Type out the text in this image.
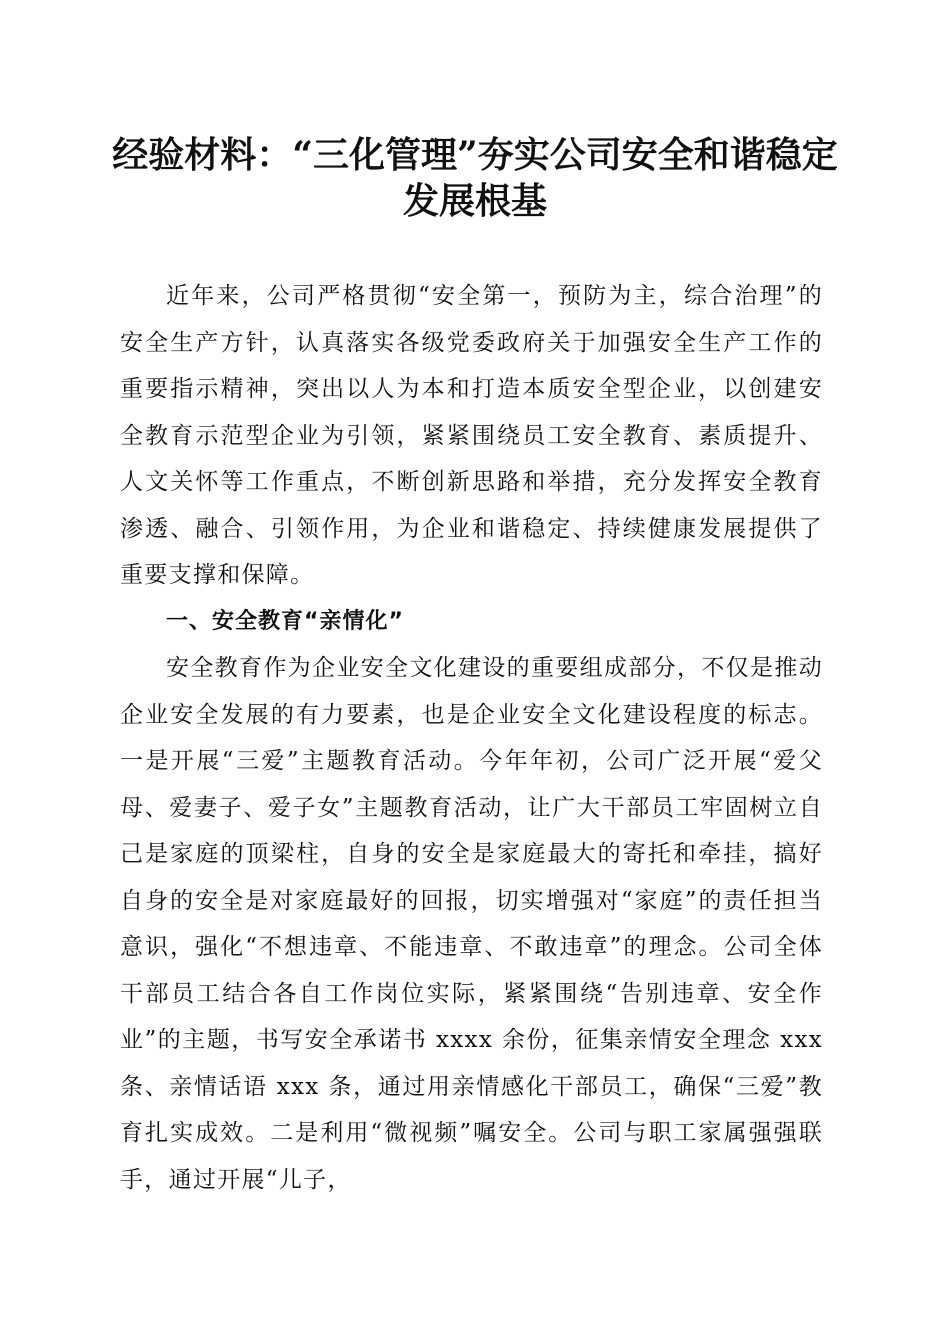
经验材料：“三化管理”夯实公司安全和谐稳定发展根基

近年来，公司严格贯彻“安全第一，预防为主，综合治理”的安全生产方针，认真落实各级党委政府关于加强安全生产工作的重要指示精神，突出以人为本和打造本质安全型企业，以创建安全教育示范型企业为引领，紧紧围绕员工安全教育、素质提升、人文关怀等工作重点，不断创新思路和举措，充分发挥安全教育渗透、融合、引领作用，为企业和谐稳定、持续健康发展提供了重要支撑和保障。

一、安全教育“亲情化”

安全教育作为企业安全文化建设的重要组成部分，不仅是推动企业安全发展的有力要素，也是企业安全文化建设程度的标志。一是开展“三爱”主题教育活动。今年年初，公司广泛开展“爱父母、爱妻子、爱子女”主题教育活动，让广大干部员工牢固树立自己是家庭的顶梁柱，自身的安全是家庭最大的寄托和牵挂，搞好自身的安全是对家庭最好的回报，切实增强对“家庭”的责任担当意识，强化“不想违章、不能违章、不敢违章”的理念。公司全体干部员工结合各自工作岗位实际，紧紧围绕“告别违章、安全作业”的主题，书写安全承诺书 xxxx 余份，征集亲情安全理念 xxx 条、亲情话语 xxx 条，通过用亲情感化干部员工，确保“三爱”教育扎实成效。二是利用“微视频”嘱安全。公司与职工家属强强联手，通过开展“儿子，
